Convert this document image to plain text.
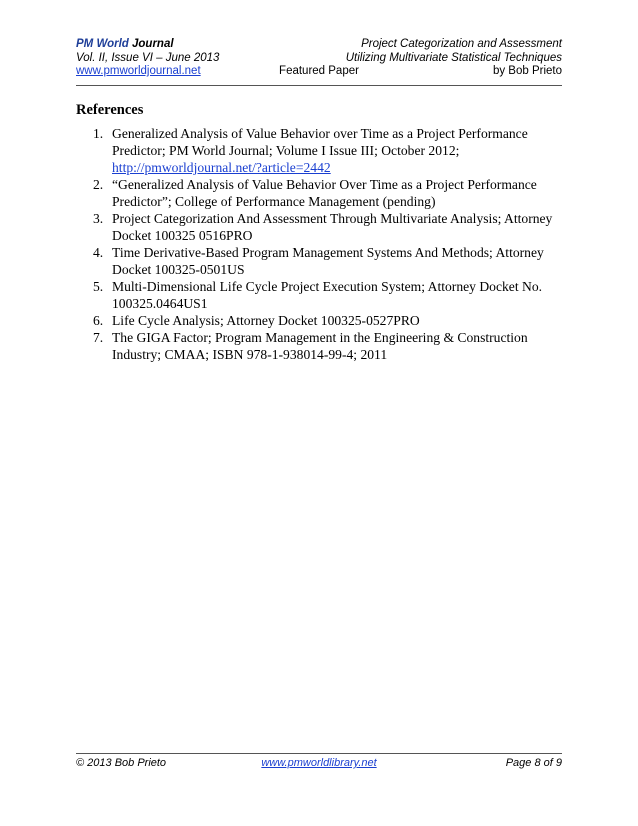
PM World Journal	Project Categorization and Assessment
Vol. II, Issue VI – June 2013	Utilizing Multivariate Statistical Techniques
www.pmworldjournal.net	Featured Paper	by Bob Prieto
References
1. Generalized Analysis of Value Behavior over Time as a Project Performance Predictor; PM World Journal; Volume I Issue III; October 2012;
http://pmworldjournal.net/?article=2442
2. “Generalized Analysis of Value Behavior Over Time as a Project Performance Predictor”; College of Performance Management (pending)
3. Project Categorization And Assessment Through Multivariate Analysis; Attorney Docket 100325 0516PRO
4. Time Derivative-Based Program Management Systems And Methods; Attorney Docket 100325-0501US
5. Multi-Dimensional Life Cycle Project Execution System; Attorney Docket No. 100325.0464US1
6. Life Cycle Analysis; Attorney Docket 100325-0527PRO
7. The GIGA Factor; Program Management in the Engineering & Construction Industry; CMAA; ISBN 978-1-938014-99-4; 2011
© 2013 Bob Prieto	www.pmworldlibrary.net	Page 8 of 9
